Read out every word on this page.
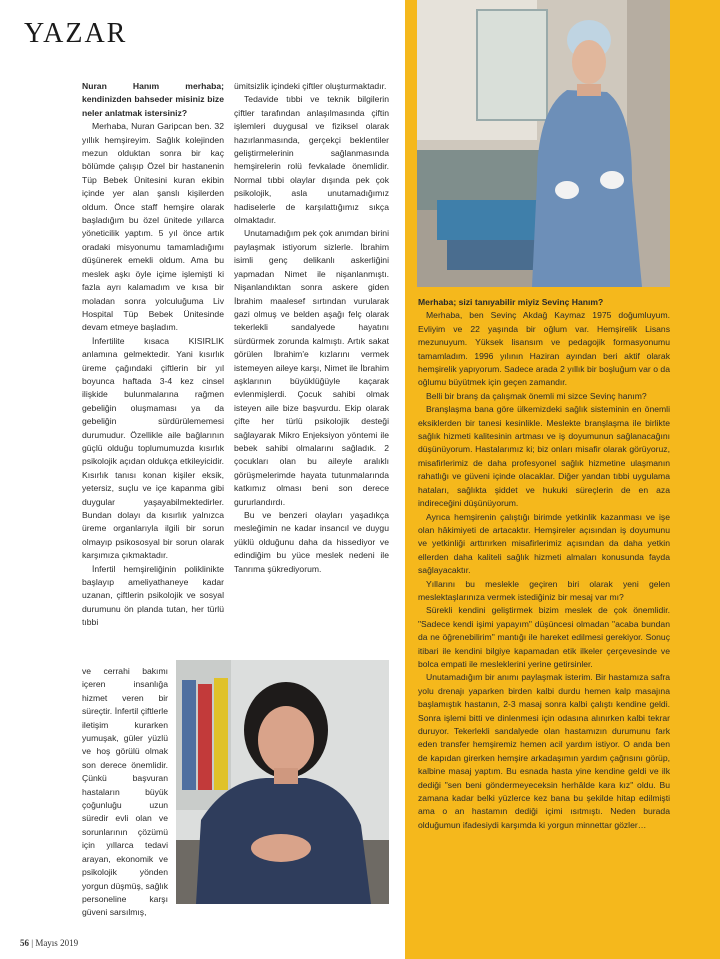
YAZAR

Nuran Hanım merhaba; kendinizden bahseder misiniz bize neler anlatmak istersiniz?

Merhaba, Nuran Garipcan ben. 32 yıllık hemşireyim. Sağlık kolejinden mezun olduktan sonra bir kaç bölümde çalışıp Özel bir hastanenin Tüp Bebek Ünitesini kuran ekibin içinde yer alan şanslı kişilerden oldum. Önce staff hemşire olarak başladığım bu özel ünitede yıllarca yöneticilik yaptım. 5 yıl önce artık oradaki misyonumu tamamladığımı düşünerek emekli oldum. Ama bu meslek aşkı öyle içime işlemişti ki fazla ayrı kalamadım ve kısa bir moladan sonra yolculuğuma Liv Hospital Tüp Bebek Ünitesinde devam etmeye başladım.

İnfertilite kısaca KISIRLIK anlamına gelmektedir. Yani kısırlık üreme çağındaki çiftlerin bir yıl boyunca haftada 3-4 kez cinsel ilişkide bulunmalarına rağmen gebeliğin oluşmaması ya da gebeliğin sürdürülememesi durumudur. Özellikle aile bağlarının güçlü olduğu toplumumuzda kısırlık psikolojik açıdan oldukça etkileyicidir. Kısırlık tanısı konan kişiler eksik, yetersiz, suçlu ve içe kapanma gibi duygular yaşayabilmektedirler. Bundan dolayı da kısırlık yalnızca üreme organlarıyla ilgili bir sorun olmayıp psikososyal bir sorun olarak karşımıza çıkmaktadır.

İnfertil hemşireliğinin poliklinikte başlayıp ameliyathaneye kadar uzanan, çiftlerin psikolojik ve sosyal durumunu ön planda tutan, her türlü tıbbi

ve cerrahi bakımı içeren insanlığa hizmet veren bir süreçtir. İnfertil çiftlerle iletişim kurarken yumuşak, güler yüzlü ve hoş görülü olmak son derece önemlidir. Çünkü başvuran hastaların büyük çoğunluğu uzun süredir evli olan ve sorunlarının çözümü için yıllarca tedavi arayan, ekonomik ve psikolojik yönden yorgun düşmüş, sağlık personeline karşı güveni sarsılmış,

ümitsizlik içindeki çiftler oluşturmaktadır.

Tedavide tıbbi ve teknik bilgilerin çiftler tarafından anlaşılmasında çiftin işlemleri duygusal ve fiziksel olarak hazırlanmasında, gerçekçi beklentiler geliştirmelerinin sağlanmasında hemşirelerin rolü fevkalade önemlidir. Normal tıbbi olaylar dışında pek çok psikolojik, asla unutamadığımız hadiselerle de karşılattığımız sıkça olmaktadır.

Unutamadığım pek çok anımdan birini paylaşmak istiyorum sizlerle. İbrahim isimli genç delikanlı askerliğini yapmadan Nimet ile nişanlanmıştı. Nişanlandıktan sonra askere giden İbrahim maalesef sırtından vurularak gazi olmuş ve belden aşağı felç olarak tekerlekli sandalyede hayatını sürdürmek zorunda kalmıştı. Artık sakat görülen İbrahim'e kızlarını vermek istemeyen aileye karşı, Nimet ile İbrahim aşklarının büyüklüğüyle kaçarak evlenmişlerdi. Çocuk sahibi olmak isteyen aile bize başvurdu. Ekip olarak çifte her türlü psikolojik desteği sağlayarak Mikro Enjeksiyon yöntemi ile bebek sahibi olmalarını sağladık. 2 çocukları olan bu aileyle aralıklı görüşmelerimde hayata tutunmalarında katkımız olması beni son derece gururlandırdı.

Bu ve benzeri olayları yaşadıkça mesleğimin ne kadar insancıl ve duygu yüklü olduğunu daha da hissediyor ve edindiğim bu yüce meslek nedeni ile Tanrıma şükrediyorum.

Merhaba; sizi tanıyabilir miyiz Sevinç Hanım?

Merhaba, ben Sevinç Akdağ Kaymaz 1975 doğumluyum. Evliyim ve 22 yaşında bir oğlum var. Hemşirelik Lisans mezunuyum. Yüksek lisansım ve pedagojik formasyonumu tamamladım. 1996 yılının Haziran ayından beri aktif olarak hemşirelik yapıyorum. Sadece arada 2 yıllık bir boşluğum var o da oğlumu büyütmek için geçen zamandır.

Belli bir branş da çalışmak önemli mi sizce Sevinç hanım?

Branşlaşma bana göre ülkemizdeki sağlık sisteminin en önemli eksiklerden bir tanesi kesinlikle. Meslekte branşlaşma ile birlikte sağlık hizmeti kalitesinin artması ve iş doyumunun sağlanacağını düşünüyorum. Hastalarımız ki; biz onları misafir olarak görüyoruz, misafirlerimiz de daha profesyonel sağlık hizmetine ulaşmanın rahatlığı ve güveni içinde olacaklar. Diğer yandan tıbbi uygulama hataları, sağlıkta şiddet ve hukuki süreçlerin de en aza indireceğini düşünüyorum.

Ayrıca hemşirenin çalıştığı birimde yetkinlik kazanması ve işe olan hâkimiyeti de artacaktır. Hemşireler açısından iş doyumunu ve yetkinliği arttırırken misafirlerimiz açısından da daha yetkin ellerden daha kaliteli sağlık hizmeti almaları konusunda fayda sağlayacaktır.

Yıllarını bu meslekle geçiren biri olarak yeni gelen meslektaşlarınıza vermek istediğiniz bir mesaj var mı?

Sürekli kendini geliştirmek bizim meslek de çok önemlidir. "Sadece kendi işimi yapayım" düşüncesi olmadan "acaba bundan da ne öğrenebilirim" mantığı ile hareket edilmesi gerekiyor. Sonuç itibari ile kendini bilgiye kapamadan etik ilkeler çerçevesinde ve bolca empati ile mesleklerini yerine getirsinler.

Unutamadığım bir anımı paylaşmak isterim. Bir hastamıza safra yolu drenajı yaparken birden kalbi durdu hemen kalp masajına başlamıştık hastanın, 2-3 masaj sonra kalbi çalıştı kendine geldi. Sonra işlemi bitti ve dinlenmesi için odasına alınırken kalbi tekrar duruyor. Tekerlekli sandalyede olan hastamızın durumunu fark eden transfer hemşiremiz hemen acil yardım istiyor. O anda ben de kapıdan girerken hemşire arkadaşımın yardım çağrısını görüp, kalbine masaj yaptım. Bu esnada hasta yine kendine geldi ve ilk dediği "sen beni göndermeyeceksin herhâlde kara kız" oldu. Bu zamana kadar belki yüzlerce kez bana bu şekilde hitap edilmişti ama o an hastamın dediği içimi ısıtmıştı. Neden burada olduğumun ifadesiydi karşımda ki yorgun minnettar gözler…

56 | Mayıs 2019
